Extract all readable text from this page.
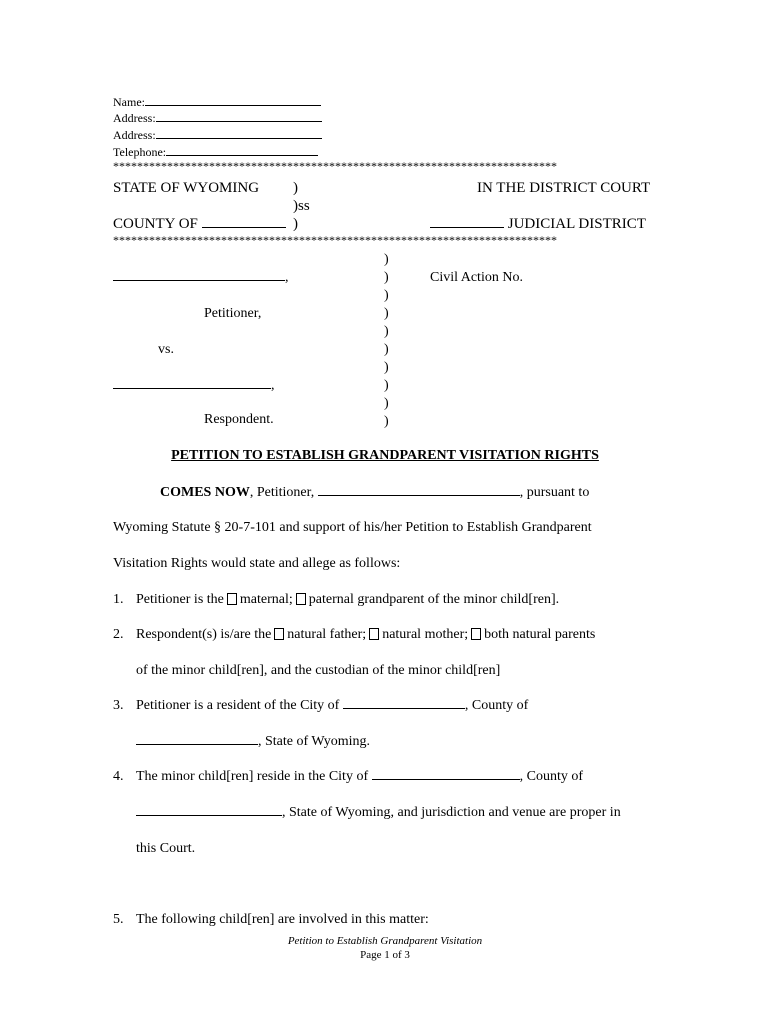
Name:
Address:
Address:
Telephone:
**************************************************************************
STATE OF WYOMING )
)ss
COUNTY OF	)
IN THE DISTRICT COURT
JUDICIAL DISTRICT
**************************************************************************
)
)
)
)
)
)
)
)
)
)
,	Civil Action No.
Petitioner,
vs.
,
Respondent.
PETITION TO ESTABLISH GRANDPARENT VISITATION RIGHTS
COMES NOW, Petitioner,	, pursuant to
Wyoming Statute § 20-7-101 and support of his/her Petition to Establish Grandparent
Visitation Rights would state and allege as follows:
1. Petitioner is the maternal; paternal grandparent of the minor child[ren].
2. Respondent(s) is/are the natural father; natural mother; both natural parents
of the minor child[ren], and the custodian of the minor child[ren]
3. Petitioner is a resident of the City of	, County of
, State of Wyoming.
4. The minor child[ren] reside in the City of	, County of
, State of Wyoming, and jurisdiction and venue are proper in
this Court.
5. The following child[ren] are involved in this matter:
Petition to Establish Grandparent Visitation
Page 1 of 3
